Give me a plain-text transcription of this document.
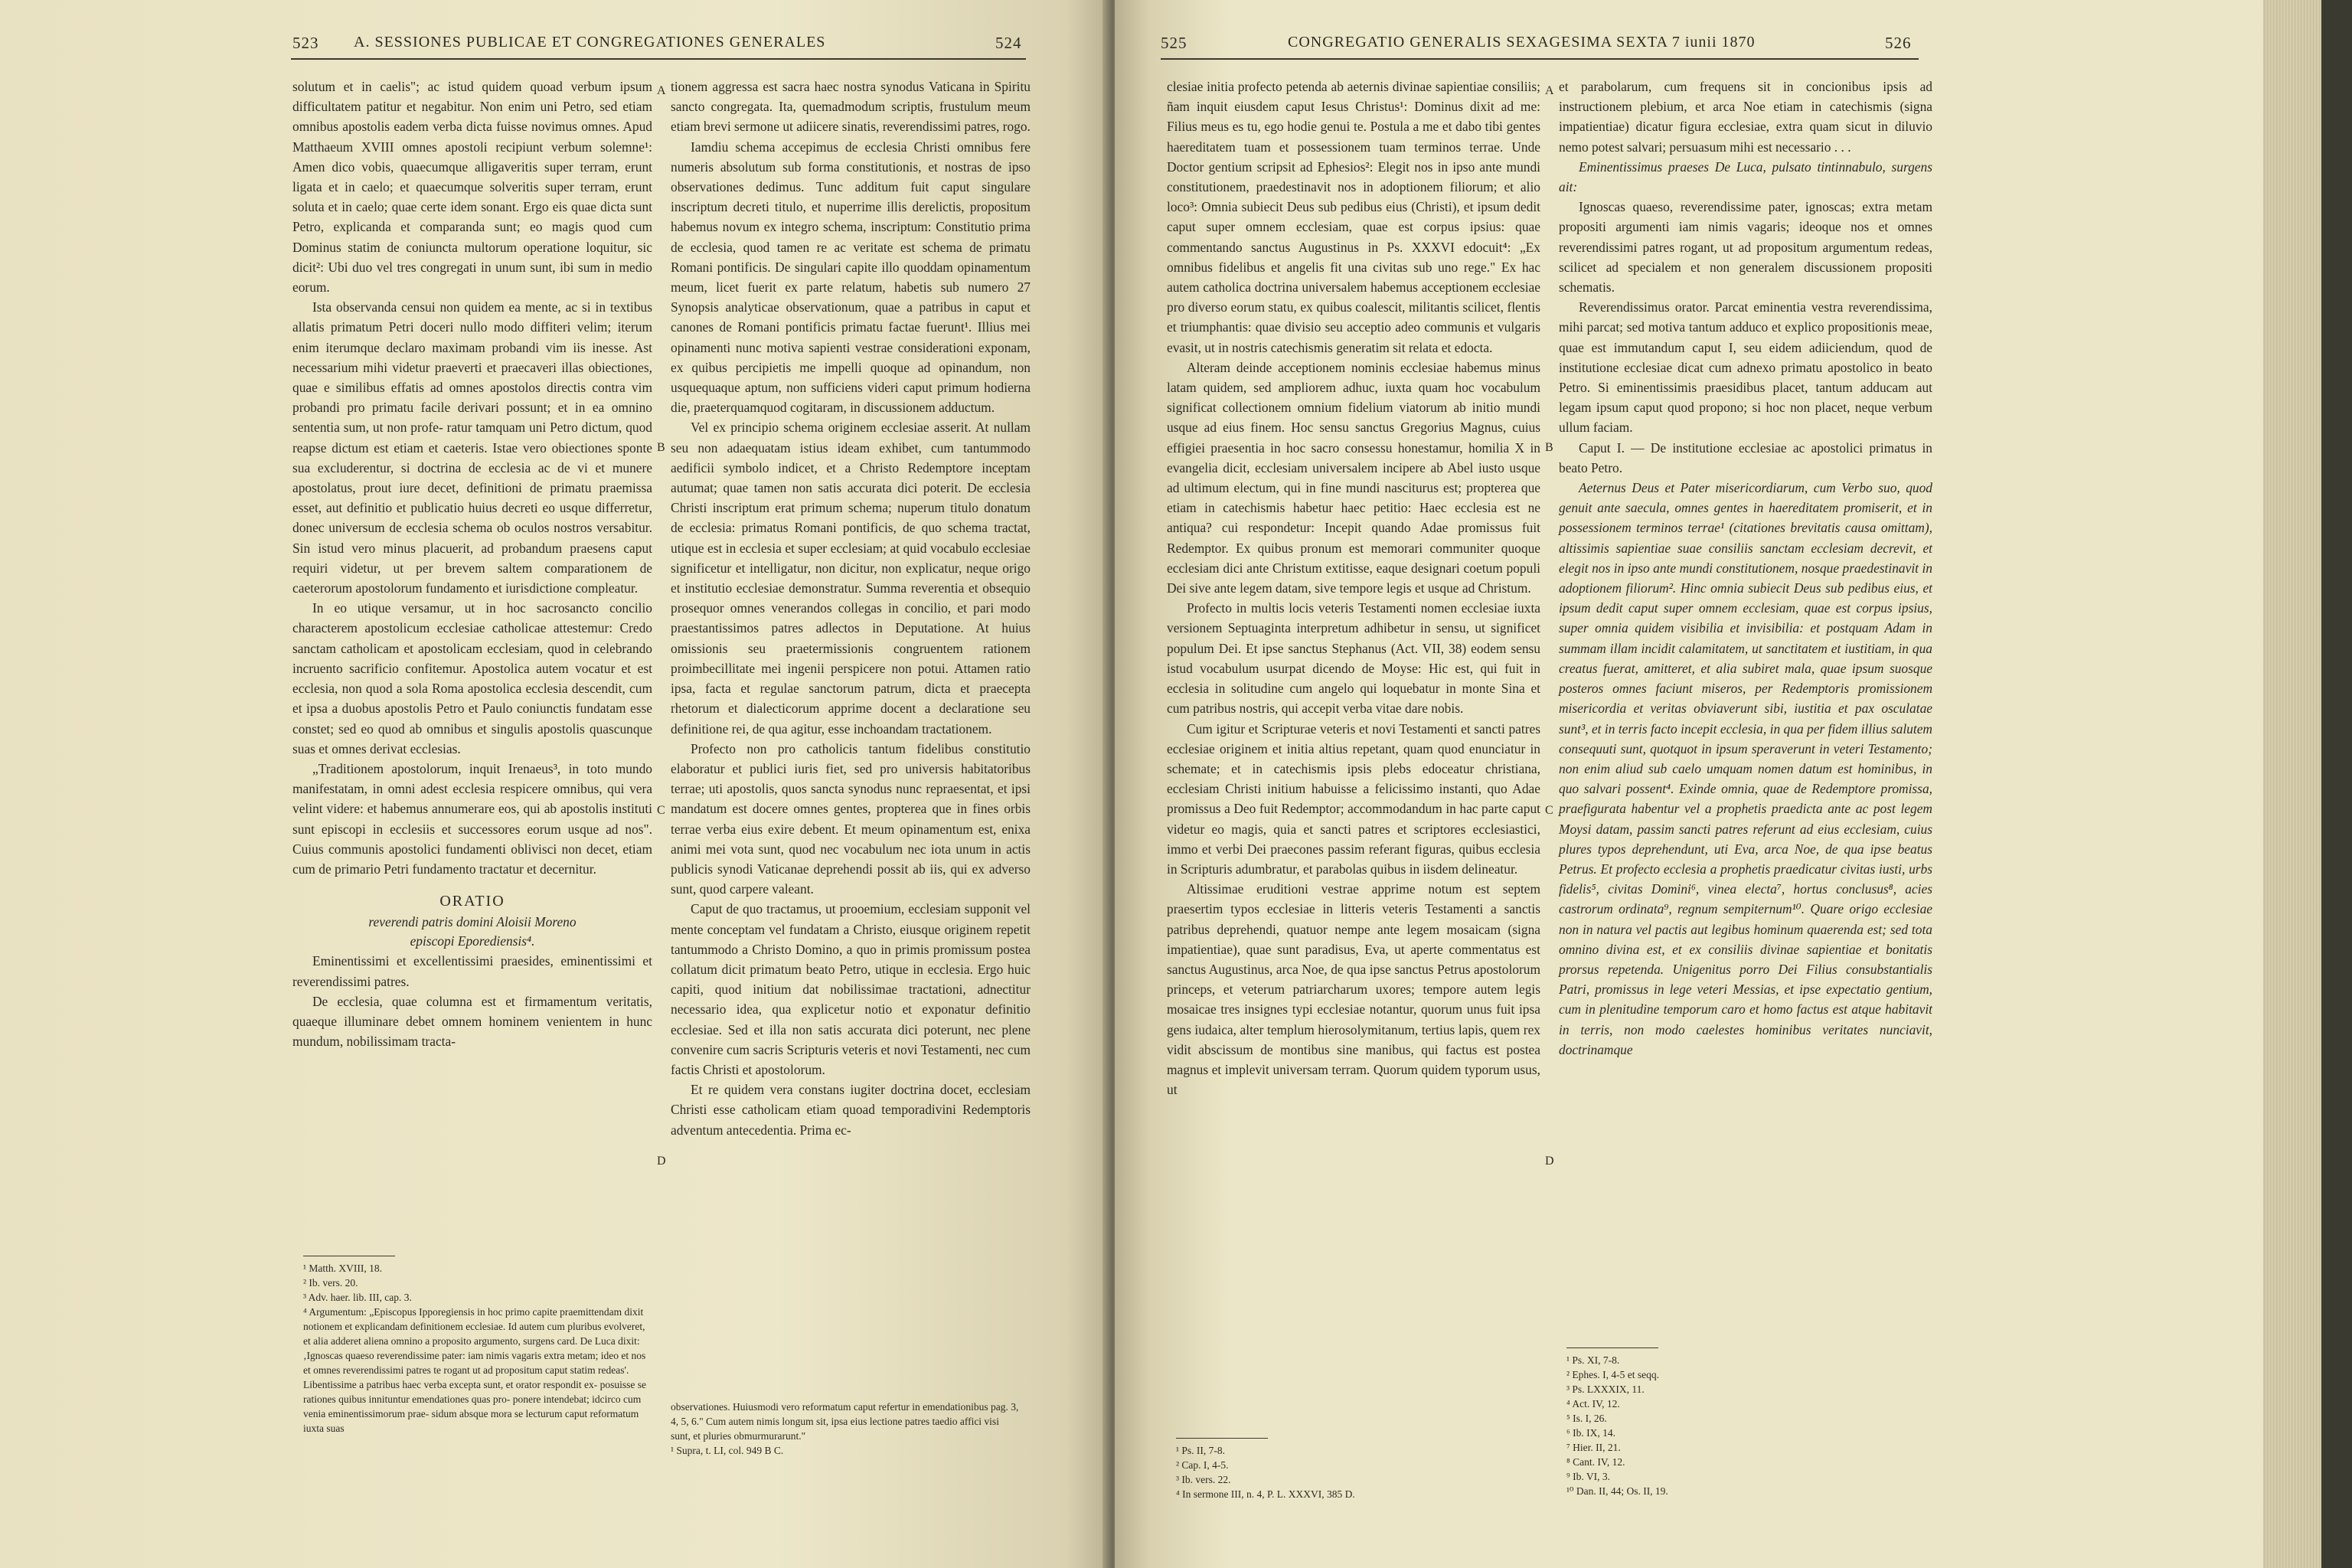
523 A. SESSIONES PUBLICAE ET CONGREGATIONES GENERALES	524

solutum et in caelis"; ac istud quidem quoad verbum ipsum difficultatem patitur et negabitur. Non enim uni Petro, sed etiam omnibus apostolis eadem verba dicta fuisse novimus omnes. Apud Matthaeum XVIII omnes apostoli recipiunt verbum solemne¹: Amen dico vobis, quaecumque alligaveritis super terram, erunt ligata et in caelo; et quaecumque solveritis super terram, erunt soluta et in caelo; quae certe idem sonant. Ergo eis quae dicta sunt Petro, explicanda et comparanda sunt; eo magis quod cum Dominus statim de coniuncta multorum operatione loquitur, sic dicit²: Ubi duo vel tres congregati in unum sunt, ibi sum in medio eorum.

Ista observanda censui non quidem ea mente, ac si in textibus allatis primatum Petri doceri nullo modo diffiteri velim; iterum enim iterumque declaro maximam probandi vim iis inesse. Ast necessarium mihi videtur praeverti et praecaveri illas obiectiones, quae e similibus effatis ad omnes apostolos directis contra vim probandi pro primatu facile derivari possunt; et in ea omnino sententia sum, ut non profe- ratur tamquam uni Petro dictum, quod reapse dictum est etiam et caeteris. Istae vero obiectiones sponte sua excluderentur, si doctrina de ecclesia ac de vi et munere apostolatus, prout iure decet, definitioni de primatu praemissa esset, aut definitio et publicatio huius decreti eo usque differretur, donec universum de ecclesia schema ob oculos nostros versabitur. Sin istud vero minus placuerit, ad probandum praesens caput requiri videtur, ut per brevem saltem comparationem de caeterorum apostolorum fundamento et iurisdictione compleatur.

In eo utique versamur, ut in hoc sacrosancto concilio characterem apostolicum ecclesiae catholicae attestemur: Credo sanctam catholicam et apostolicam ecclesiam, quod in celebrando incruento sacrificio confitemur. Apostolica autem vocatur et est ecclesia, non quod a sola Roma apostolica ecclesia descendit, cum et ipsa a duobus apostolis Petro et Paulo coniunctis fundatam esse constet; sed eo quod ab omnibus et singulis apostolis quascunque suas et omnes derivat ecclesias.

„Traditionem apostolorum, inquit Irenaeus³, in toto mundo manifestatam, in omni adest ecclesia respicere omnibus, qui vera velint videre: et habemus annumerare eos, qui ab apostolis instituti sunt episcopi in ecclesiis et successores eorum usque ad nos". Cuius communis apostolici fundamenti oblivisci non decet, etiam cum de primario Petri fundamento tractatur et decernitur.

ORATIO
reverendi patris domini Aloisii Moreno
episcopi Eporediensis⁴.

Eminentissimi et excellentissimi praesides, eminentissimi et reverendissimi patres.

De ecclesia, quae columna est et firmamentum veritatis, quaeque illuminare debet omnem hominem venientem in hunc mundum, nobilissimam tracta-

tionem aggressa est sacra haec nostra synodus Vaticana in Spiritu sancto congregata. Ita, quemadmodum scriptis, frustulum meum etiam brevi sermone ut adiicere sinatis, reverendissimi patres, rogo.

Iamdiu schema accepimus de ecclesia Christi omnibus fere numeris absolutum sub forma constitutionis, et nostras de ipso observationes dedimus. Tunc additum fuit caput singulare inscriptum decreti titulo, et nuperrime illis derelictis, propositum habemus novum ex integro schema, inscriptum: Constitutio prima de ecclesia, quod tamen re ac veritate est schema de primatu Romani pontificis. De singulari capite illo quoddam opinamentum meum, licet fuerit ex parte relatum, habetis sub numero 27 Synopsis analyticae observationum, quae a patribus in caput et canones de Romani pontificis primatu factae fuerunt¹. Illius mei opinamenti nunc motiva sapienti vestrae considerationi exponam, ex quibus percipietis me impelli quoque ad opinandum, non usquequaque aptum, non sufficiens videri caput primum hodierna die, praeterquamquod cogitaram, in discussionem adductum.

Vel ex principio schema originem ecclesiae asserit. At nullam seu non adaequatam istius ideam exhibet, cum tantummodo aedificii symbolo indicet, et a Christo Redemptore inceptam autumat; quae tamen non satis accurata dici poterit. De ecclesia Christi inscriptum erat primum schema; nuperum titulo donatum de ecclesia: primatus Romani pontificis, de quo schema tractat, utique est in ecclesia et super ecclesiam; at quid vocabulo ecclesiae significetur et intelligatur, non dicitur, non explicatur, neque origo et institutio ecclesiae demonstratur. Summa reverentia et obsequio prosequor omnes venerandos collegas in concilio, et pari modo praestantissimos patres adlectos in Deputatione. At huius omissionis seu praetermissionis congruentem rationem proimbecillitate mei ingenii perspicere non potui. Attamen ratio ipsa, facta et regulae sanctorum patrum, dicta et praecepta rhetorum et dialecticorum apprime docent a declaratione seu definitione rei, de qua agitur, esse inchoandam tractationem.

Profecto non pro catholicis tantum fidelibus constitutio elaboratur et publici iuris fiet, sed pro universis habitatoribus terrae; uti apostolis, quos sancta synodus nunc repraesentat, et ipsi mandatum est docere omnes gentes, propterea que in fines orbis terrae verba eius exire debent. Et meum opinamentum est, enixa animi mei vota sunt, quod nec vocabulum nec iota unum in actis publicis synodi Vaticanae deprehendi possit ab iis, qui ex adverso sunt, quod carpere valeant.

Caput de quo tractamus, ut prooemium, ecclesiam supponit vel mente conceptam vel fundatam a Christo, eiusque originem repetit tantummodo a Christo Domino, a quo in primis promissum postea collatum dicit primatum beato Petro, utique in ecclesia. Ergo huic capiti, quod initium dat nobilissimae tractationi, adnectitur necessario idea, qua explicetur notio et exponatur definitio ecclesiae. Sed et illa non satis accurata dici poterunt, nec plene convenire cum sacris Scripturis veteris et novi Testamenti, nec cum factis Christi et apostolorum.

Et re quidem vera constans iugiter doctrina docet, ecclesiam Christi esse catholicam etiam quoad temporadivini Redemptoris adventum antecedentia. Prima ec-

¹ Matth. XVIII, 18.

² Ib. vers. 20.

³ Adv. haer. lib. III, cap. 3.

⁴ Argumentum: „Episcopus Ipporegiensis in hoc primo capite praemittendam dixit notionem et explicandam definitionem ecclesiae. Id autem cum pluribus evolveret, et alia adderet aliena omnino a proposito argumento, surgens card. De Luca dixit: ‚Ignoscas quaeso reverendissime pater: iam nimis vagaris extra metam; ideo et nos et omnes reverendissimi patres te rogant ut ad propositum caput statim redeas'. Libentissime a patribus haec verba excepta sunt, et orator respondit ex- posuisse se rationes quibus innituntur emendationes quas pro- ponere intendebat; idcirco cum venia eminentissimorum prae- sidum absque mora se lecturum caput reformatum iuxta suas

observationes. Huiusmodi vero reformatum caput refertur in emendationibus pag. 3, 4, 5, 6." Cum autem nimis longum sit, ipsa eius lectione patres taedio affici visi sunt, et pluries obmurmurarunt."

¹ Supra, t. LI, col. 949 B C.

A
B
C
D
525	CONGREGATIO GENERALIS SEXAGESIMA SEXTA 7 iunii 1870	526

clesiae initia profecto petenda ab aeternis divinae sapientiae consiliis; ñam inquit eiusdem caput Iesus Christus¹: Dominus dixit ad me: Filius meus es tu, ego hodie genui te. Postula a me et dabo tibi gentes haereditatem tuam et possessionem tuam terminos terrae. Unde Doctor gentium scripsit ad Ephesios²: Elegit nos in ipso ante mundi constitutionem, praedestinavit nos in adoptionem filiorum; et alio loco³: Omnia subiecit Deus sub pedibus eius (Christi), et ipsum dedit caput super omnem ecclesiam, quae est corpus ipsius: quae commentando sanctus Augustinus in Ps. XXXVI edocuit⁴: „Ex omnibus fidelibus et angelis fit una civitas sub uno rege." Ex hac autem catholica doctrina universalem habemus acceptionem ecclesiae pro diverso eorum statu, ex quibus coalescit, militantis scilicet, flentis et triumphantis: quae divisio seu acceptio adeo communis et vulgaris evasit, ut in nostris catechismis generatim sit relata et edocta.

Alteram deinde acceptionem nominis ecclesiae habemus minus latam quidem, sed ampliorem adhuc, iuxta quam hoc vocabulum significat collectionem omnium fidelium viatorum ab initio mundi usque ad eius finem. Hoc sensu sanctus Gregorius Magnus, cuius effigiei praesentia in hoc sacro consessu honestamur, homilia X in evangelia dicit, ecclesiam universalem incipere ab Abel iusto usque ad ultimum electum, qui in fine mundi nasciturus est; propterea que etiam in catechismis habetur haec petitio: Haec ecclesia est ne antiqua? cui respondetur: Incepit quando Adae promissus fuit Redemptor. Ex quibus pronum est memorari communiter quoque ecclesiam dici ante Christum extitisse, eaque designari coetum populi Dei sive ante legem datam, sive tempore legis et usque ad Christum.

Profecto in multis locis veteris Testamenti nomen ecclesiae iuxta versionem Septuaginta interpretum adhibetur in sensu, ut significet populum Dei. Et ipse sanctus Stephanus (Act. VII, 38) eodem sensu istud vocabulum usurpat dicendo de Moyse: Hic est, qui fuit in ecclesia in solitudine cum angelo qui loquebatur in monte Sina et cum patribus nostris, qui accepit verba vitae dare nobis.

Cum igitur et Scripturae veteris et novi Testamenti et sancti patres ecclesiae originem et initia altius repetant, quam quod enunciatur in schemate; et in catechismis ipsis plebs edoceatur christiana, ecclesiam Christi initium habuisse a felicissimo instanti, quo Adae promissus a Deo fuit Redemptor; accommodandum in hac parte caput videtur eo magis, quia et sancti patres et scriptores ecclesiastici, immo et verbi Dei praecones passim referant figuras, quibus ecclesia in Scripturis adumbratur, et parabolas quibus in iisdem delineatur.

Altissimae eruditioni vestrae apprime notum est septem praesertim typos ecclesiae in litteris veteris Testamenti a sanctis patribus deprehendi, quatuor nempe ante legem mosaicam (signa impatientiae), quae sunt paradisus, Eva, ut aperte commentatus est sanctus Augustinus, arca Noe, de qua ipse sanctus Petrus apostolorum princeps, et veterum patriarcharum uxores; tempore autem legis mosaicae tres insignes typi ecclesiae notantur, quorum unus fuit ipsa gens iudaica, alter templum hierosolymitanum, tertius lapis, quem rex vidit abscissum de montibus sine manibus, qui factus est postea magnus et implevit universam terram. Quorum quidem typorum usus, ut

et parabolarum, cum frequens sit in concionibus ipsis ad instructionem plebium, et arca Noe etiam in catechismis (signa impatientiae) dicatur figura ecclesiae, extra quam sicut in diluvio nemo potest salvari; persuasum mihi est necessario . . .

Eminentissimus praeses De Luca, pulsato tintinnabulo, surgens ait:

Ignoscas quaeso, reverendissime pater, ignoscas; extra metam propositi argumenti iam nimis vagaris; ideoque nos et omnes reverendissimi patres rogant, ut ad propositum argumentum redeas, scilicet ad specialem et non generalem discussionem propositi schematis.

Reverendissimus orator. Parcat eminentia vestra reverendissima, mihi parcat; sed motiva tantum adduco et explico propositionis meae, quae est immutandum caput I, seu eidem adiiciendum, quod de institutione ecclesiae dicat cum adnexo primatu apostolico in beato Petro. Si eminentissimis praesidibus placet, tantum adducam aut legam ipsum caput quod propono; si hoc non placet, neque verbum ullum faciam.

Caput I. — De institutione ecclesiae ac apostolici primatus in beato Petro.

Aeternus Deus et Pater misericordiarum, cum Verbo suo, quod genuit ante saecula, omnes gentes in haereditatem promiserit, et in possessionem terminos terrae¹ (citationes brevitatis causa omittam), altissimis sapientiae suae consiliis sanctam ecclesiam decrevit, et elegit nos in ipso ante mundi constitutionem, nosque praedestinavit in adoptionem filiorum². Hinc omnia subiecit Deus sub pedibus eius, et ipsum dedit caput super omnem ecclesiam, quae est corpus ipsius, super omnia quidem visibilia et invisibilia: et postquam Adam in summam illam incidit calamitatem, ut sanctitatem et iustitiam, in qua creatus fuerat, amitteret, et alia subiret mala, quae ipsum suosque posteros omnes faciunt miseros, per Redemptoris promissionem misericordia et veritas obviaverunt sibi, iustitia et pax osculatae sunt³, et in terris facto incepit ecclesia, in qua per fidem illius salutem consequuti sunt, quotquot in ipsum speraverunt in veteri Testamento; non enim aliud sub caelo umquam nomen datum est hominibus, in quo salvari possent⁴. Exinde omnia, quae de Redemptore promissa, praefigurata habentur vel a prophetis praedicta ante ac post legem Moysi datam, passim sancti patres referunt ad eius ecclesiam, cuius plures typos deprehendunt, uti Eva, arca Noe, de qua ipse beatus Petrus. Et profecto ecclesia a prophetis praedicatur civitas iusti, urbs fidelis⁵, civitas Domini⁶, vinea electa⁷, hortus conclusus⁸, acies castrorum ordinata⁹, regnum sempiternum¹⁰. Quare origo ecclesiae non in natura vel pactis aut legibus hominum quaerenda est; sed tota omnino divina est, et ex consiliis divinae sapientiae et bonitatis prorsus repetenda. Unigenitus porro Dei Filius consubstantialis Patri, promissus in lege veteri Messias, et ipse expectatio gentium, cum in plenitudine temporum caro et homo factus est atque habitavit in terris, non modo caelestes hominibus veritates nunciavit, doctrinamque

¹ Ps. II, 7-8.

² Cap. I, 4-5.

³ Ib. vers. 22.

⁴ In sermone III, n. 4, P. L. XXXVI, 385 D.

¹ Ps. XI, 7-8.

² Ephes. I, 4-5 et seqq.

³ Ps. LXXXIX, 11.

⁴ Act. IV, 12.

⁵ Is. I, 26.

⁶ Ib. IX, 14.

⁷ Hier. II, 21.

⁸ Cant. IV, 12.

⁹ Ib. VI, 3.

¹⁰ Dan. II, 44; Os. II, 19.

A
B
C
D
